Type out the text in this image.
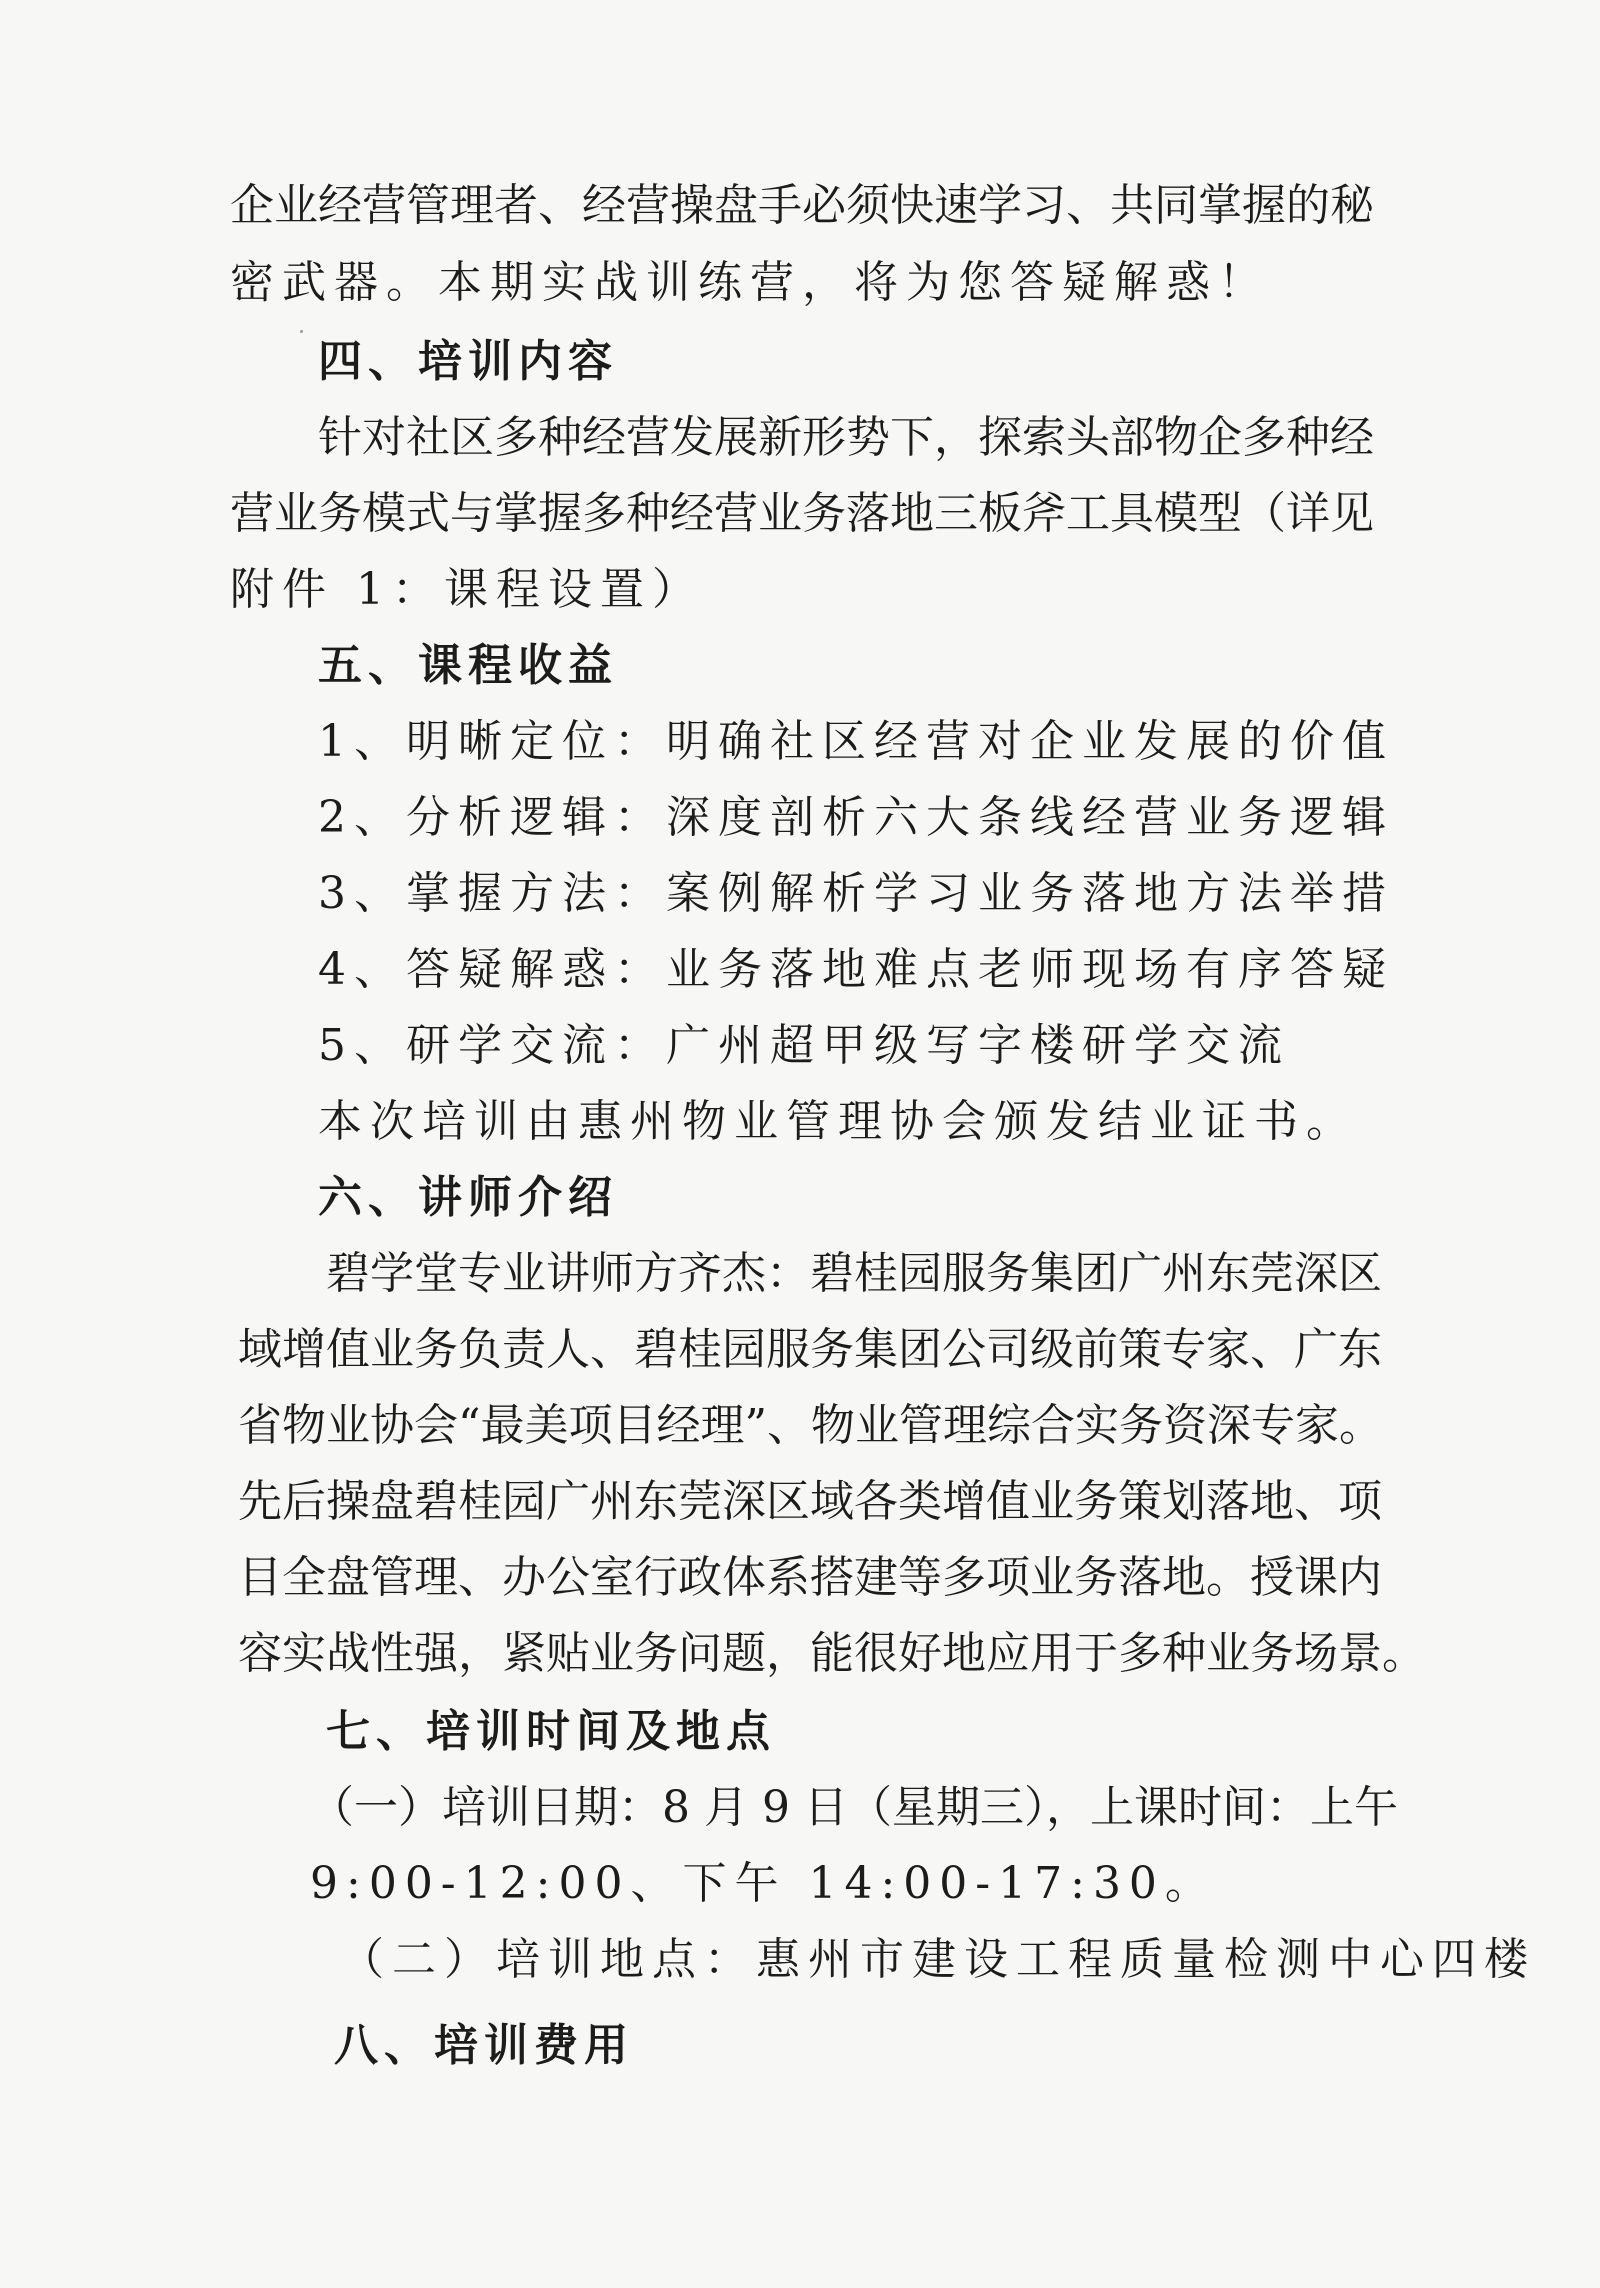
企业经营管理者、经营操盘手必须快速学习、共同掌握的秘
密武器。本期实战训练营，将为您答疑解惑！
四、培训内容
针对社区多种经营发展新形势下，探索头部物企多种经
营业务模式与掌握多种经营业务落地三板斧工具模型（详见
附件 1：课程设置）
五、课程收益
1、明晰定位：明确社区经营对企业发展的价值
2、分析逻辑：深度剖析六大条线经营业务逻辑
3、掌握方法：案例解析学习业务落地方法举措
4、答疑解惑：业务落地难点老师现场有序答疑
5、研学交流：广州超甲级写字楼研学交流
本次培训由惠州物业管理协会颁发结业证书。
六、讲师介绍
碧学堂专业讲师方齐杰：碧桂园服务集团广州东莞深区
域增值业务负责人、碧桂园服务集团公司级前策专家、广东
省物业协会“最美项目经理”、物业管理综合实务资深专家。
先后操盘碧桂园广州东莞深区域各类增值业务策划落地、项
目全盘管理、办公室行政体系搭建等多项业务落地。授课内
容实战性强，紧贴业务问题，能很好地应用于多种业务场景。
七、培训时间及地点
（一）培训日期：8 月 9 日（星期三），上课时间：上午
9:00-12:00、下午 14:00-17:30。
（二）培训地点：惠州市建设工程质量检测中心四楼
八、培训费用
